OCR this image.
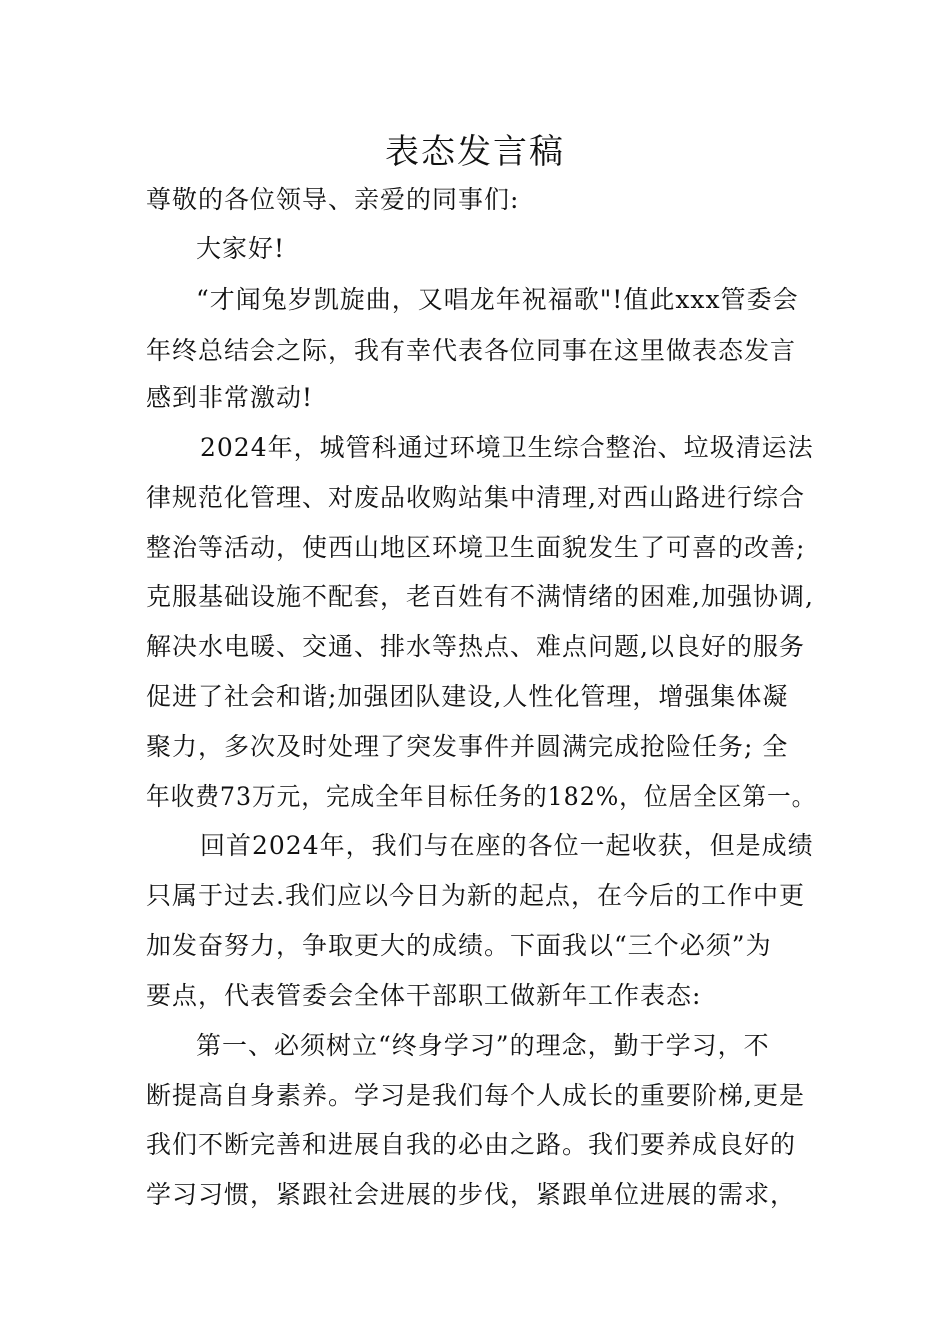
表态发言稿
尊敬的各位领导、亲爱的同事们:
大家好!
“才闻兔岁凯旋曲，又唱龙年祝福歌"!值此xxx管委会
年终总结会之际，我有幸代表各位同事在这里做表态发言
感到非常激动!
2024年，城管科通过环境卫生综合整治、垃圾清运法
律规范化管理、对废品收购站集中清理,对西山路进行综合
整治等活动，使西山地区环境卫生面貌发生了可喜的改善;
克服基础设施不配套，老百姓有不满情绪的困难,加强协调,
解决水电暖、交通、排水等热点、难点问题,以良好的服务
促进了社会和谐;加强团队建设,人性化管理，增强集体凝
聚力，多次及时处理了突发事件并圆满完成抢险任务; 全
年收费73万元，完成全年目标任务的182%，位居全区第一。
回首2024年，我们与在座的各位一起收获，但是成绩
只属于过去.我们应以今日为新的起点，在今后的工作中更
加发奋努力，争取更大的成绩。下面我以“三个必须”为
要点，代表管委会全体干部职工做新年工作表态:
第一、必须树立“终身学习”的理念，勤于学习，不
断提高自身素养。学习是我们每个人成长的重要阶梯,更是
我们不断完善和进展自我的必由之路。我们要养成良好的
学习习惯，紧跟社会进展的步伐，紧跟单位进展的需求，
